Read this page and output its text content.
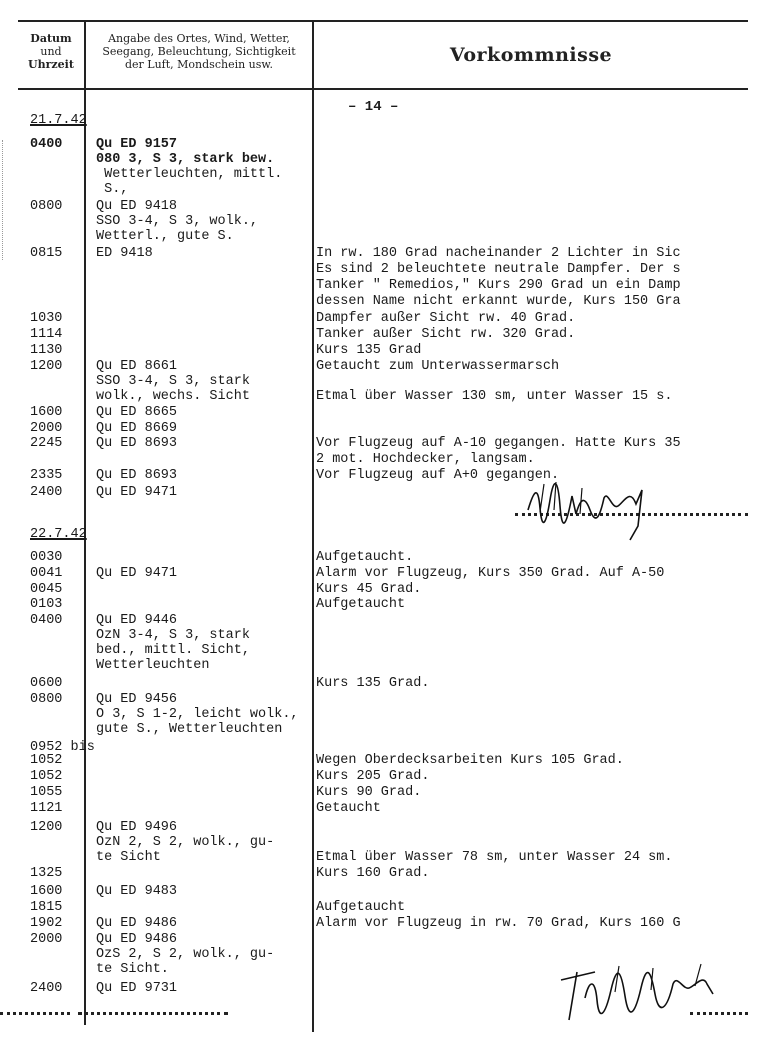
Datum
und
Uhrzeit
Angabe des Ortes, Wind, Wetter,
Seegang, Beleuchtung, Sichtigkeit
der Luft, Mondschein usw.	Vorkommnisse
– 14 –
21.7.42
0400 Qu ED 9157
080 3, S 3, stark bew.
Wetterleuchten, mittl.
S.,
0800 Qu ED 9418
SSO 3-4, S 3, wolk.,
Wetterl., gute S.
0815 ED 9418	In rw. 180 Grad nacheinander 2 Lichter in Sic
Es sind 2 beleuchtete neutrale Dampfer. Der s
Tanker " Remedios," Kurs 290 Grad un ein Damp
dessen Name nicht erkannt wurde, Kurs 150 Gra
1030	Dampfer außer Sicht rw. 40 Grad.
1114	Tanker außer Sicht rw. 320 Grad.
1130	Kurs 135 Grad
1200 Qu ED 8661	Getaucht zum Unterwassermarsch
SSO 3-4, S 3, stark
wolk., wechs. Sicht	Etmal über Wasser 130 sm, unter Wasser 15 s.
1600 Qu ED 8665
2000 Qu ED 8669
2245 Qu ED 8693	Vor Flugzeug auf A-10 gegangen. Hatte Kurs 35
2 mot. Hochdecker, langsam.
2335 Qu ED 8693	Vor Flugzeug auf A+0 gegangen.
2400 Qu ED 9471
22.7.42
0030	Aufgetaucht.
0041 Qu ED 9471	Alarm vor Flugzeug, Kurs 350 Grad. Auf A-50
0045	Kurs 45 Grad.
0103	Aufgetaucht
0400 Qu ED 9446
OzN 3-4, S 3, stark
bed., mittl. Sicht,
Wetterleuchten
0600	Kurs 135 Grad.
0800 Qu ED 9456
O 3, S 1-2, leicht wolk.,
gute S., Wetterleuchten
0952 bis
1052	Wegen Oberdecksarbeiten Kurs 105 Grad.
1052	Kurs 205 Grad.
1055	Kurs 90 Grad.
1121	Getaucht
1200 Qu ED 9496
OzN 2, S 2, wolk., gu-
te Sicht	Etmal über Wasser 78 sm, unter Wasser 24 sm.
1325	Kurs 160 Grad.
1600 Qu ED 9483
1815	Aufgetaucht
1902 Qu ED 9486	Alarm vor Flugzeug in rw. 70 Grad, Kurs 160 G
2000 Qu ED 9486
OzS 2, S 2, wolk., gu-
te Sicht.
2400 Qu ED 9731
